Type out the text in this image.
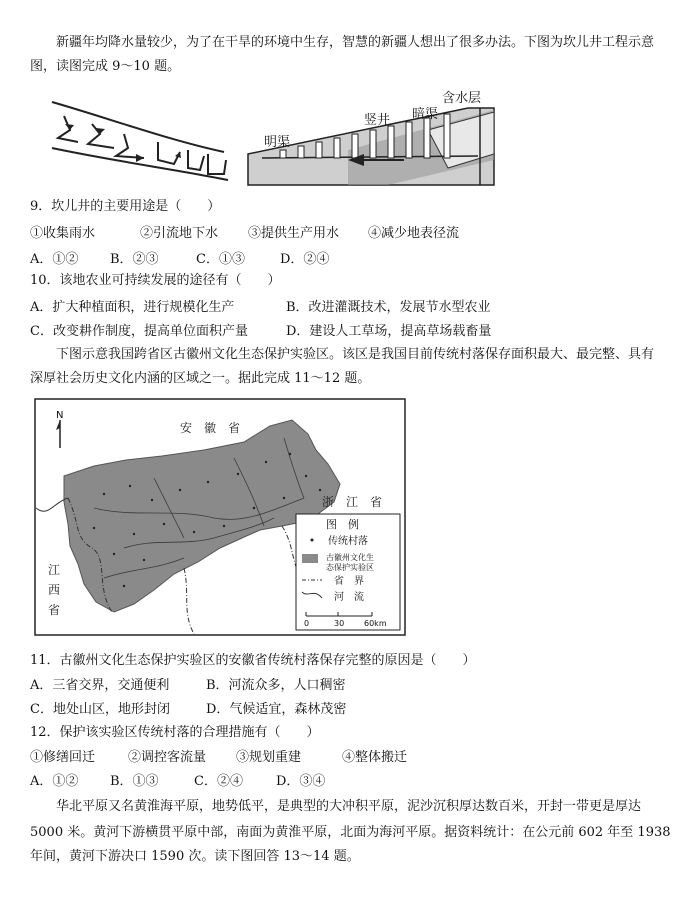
新疆年均降水量较少，为了在干旱的环境中生存，智慧的新疆人想出了很多办法。下图为坎儿井工程示意
图，读图完成 9～10 题。
明渠
竖井 暗渠
含水层
9．坎儿井的主要用途是（　　）
①收集雨水	②引流地下水 ③提供生产用水 ④减少地表径流
A．①② B．②③	C．①③	D．②④
10．该地农业可持续发展的途径有（　　）
A．扩大种植面积，进行规模化生产	B．改进灌溉技术，发展节水型农业
C．改变耕作制度，提高单位面积产量	D．建设人工草场，提高草场载畜量
下图示意我国跨省区古徽州文化生态保护实验区。该区是我国目前传统村落保存面积最大、最完整、具有
深厚社会历史文化内涵的区域之一。据此完成 11～12 题。
N
安　徽　省
浙　江　省
江
西
省
图　例
传统村落
古徽州文化生
态保护实验区
省　界
河　流
0	30 60km
11．古徽州文化生态保护实验区的安徽省传统村落保存完整的原因是（　　）
A．三省交界，交通便利	B．河流众多，人口稠密
C．地处山区，地形封闭	D．气候适宜，森林茂密
12．保护该实验区传统村落的合理措施有（　　）
①修缮回迁	②调控客流量 ③规划重建	④整体搬迁
A．①② B．①③	C．②④	D．③④
华北平原又名黄淮海平原，地势低平，是典型的大冲积平原，泥沙沉积厚达数百米，开封一带更是厚达
5000 米。黄河下游横贯平原中部，南面为黄淮平原，北面为海河平原。据资料统计：在公元前 602 年至 1938
年间，黄河下游决口 1590 次。读下图回答 13～14 题。
